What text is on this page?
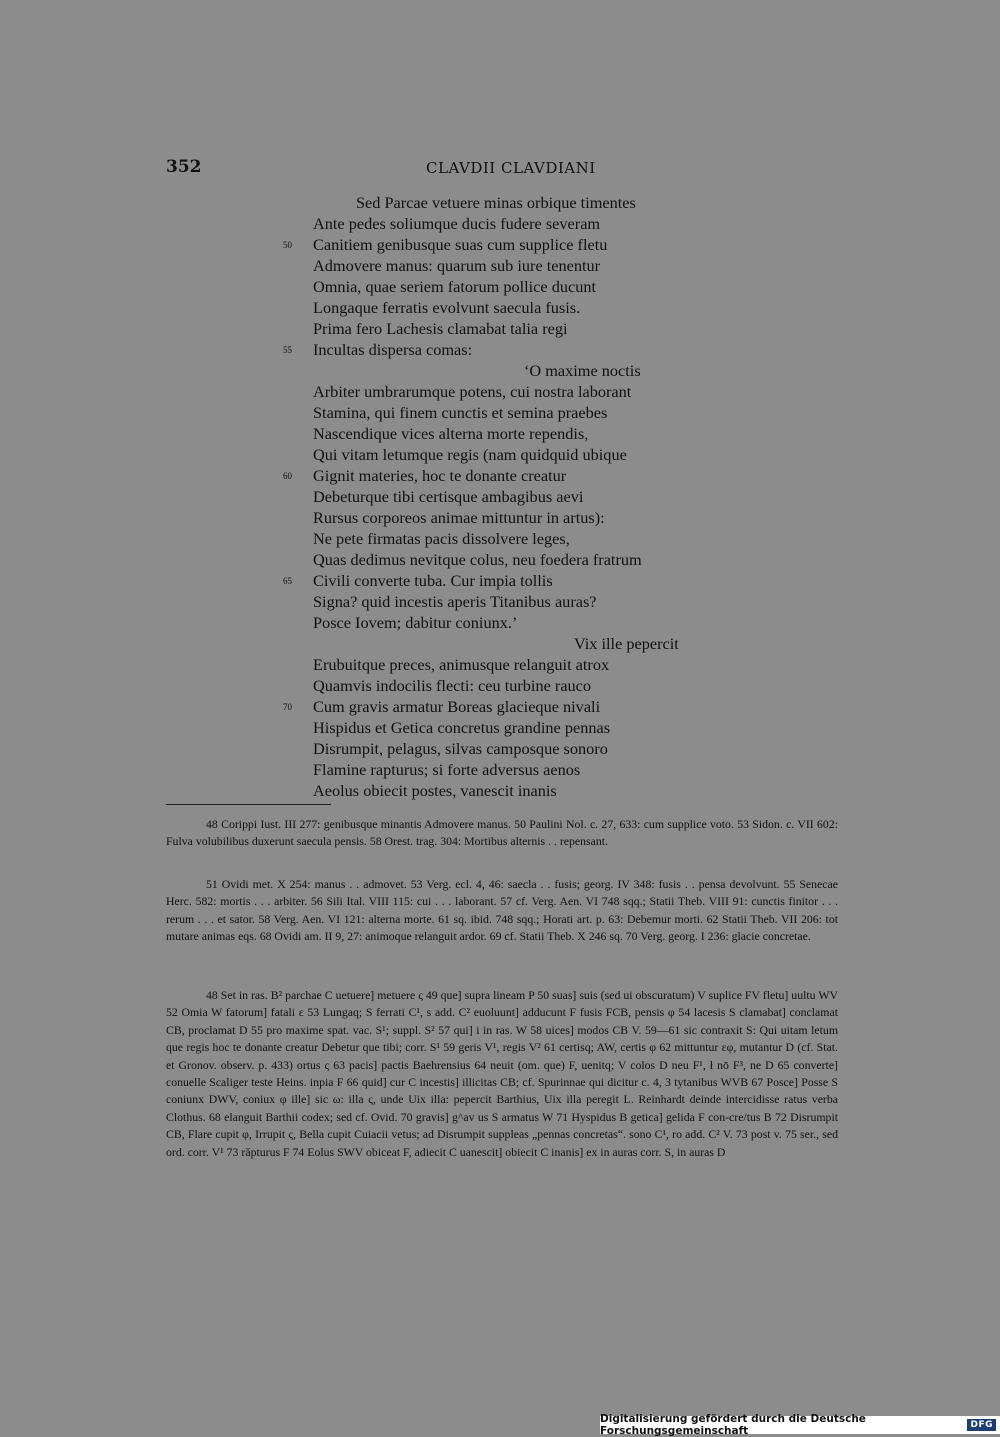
352	CLAVDII CLAVDIANI
Sed Parcae vetuere minas orbique timentes
Ante pedes soliumque ducis fudere severam
50 Canitiem genibusque suas cum supplice fletu
Admovere manus: quarum sub iure tenentur
Omnia, quae seriem fatorum pollice ducunt
Longaque ferratis evolvunt saecula fusis.
Prima fero Lachesis clamabat talia regi
55 Incultas dispersa comas:
‘O maxime noctis
Arbiter umbrarumque potens, cui nostra laborant
Stamina, qui finem cunctis et semina praebes
Nascendique vices alterna morte rependis,
Qui vitam letumque regis (nam quidquid ubique
60 Gignit materies, hoc te donante creatur
Debeturque tibi certisque ambagibus aevi
Rursus corporeos animae mittuntur in artus):
Ne pete firmatas pacis dissolvere leges,
Quas dedimus nevitque colus, neu foedera fratrum
65 Civili converte tuba. Cur impia tollis
Signa? quid incestis aperis Titanibus auras?
Posce Iovem; dabitur coniunx.’
Vix ille pepercit
Erubuitque preces, animusque relanguit atrox
Quamvis indocilis flecti: ceu turbine rauco
70 Cum gravis armatur Boreas glacieque nivali
Hispidus et Getica concretus grandine pennas
Disrumpit, pelagus, silvas camposque sonoro
Flamine rapturus; si forte adversus aenos
Aeolus obiecit postes, vanescit inanis

48 Corippi Iust. III 277: genibusque minantis Admovere manus. 50 Paulini Nol. c. 27, 633: cum supplice voto. 53 Sidon. c. VII 602: Fulva volubilibus duxerunt saecula pensis. 58 Orest. trag. 304: Mortibus alternis . . repensant.

51 Ovidi met. X 254: manus . . admovet. 53 Verg. ecl. 4, 46: saecla . . fusis; georg. IV 348: fusis . . pensa devolvunt. 55 Senecae Herc. 582: mortis . . . arbiter. 56 Sili Ital. VIII 115: cui . . . laborant. 57 cf. Verg. Aen. VI 748 sqq.; Statii Theb. VIII 91: cunctis finitor . . . rerum . . . et sator. 58 Verg. Aen. VI 121: alterna morte. 61 sq. ibid. 748 sqq.; Horati art. p. 63: Debemur morti. 62 Statii Theb. VII 206: tot mutare animas eqs. 68 Ovidi am. II 9, 27: animoque relanguit ardor. 69 cf. Statii Theb. X 246 sq. 70 Verg. georg. I 236: glacie concretae.

48 Set in ras. B² parchae C uetuere] metuere ς 49 que] supra lineam P 50 suas] suis (sed ui obscuratum) V suplice FV fletu] uultu WV 52 Omia W fatorum] fatali ε 53 Lungaq; S ferrati C¹, s add. C² euoluunt] adducunt F fusis FCB, pensis φ 54 lacesis S clamabat] conclamat CB, proclamat D 55 pro maxime spat. vac. S¹; suppl. S² 57 qui] i in ras. W 58 uices] modos CB V. 59—61 sic contraxit S: Qui uitam letum que regis hoc te donante creatur Debetur que tibi; corr. S¹ 59 geris V¹, regis V² 61 certisq; AW, certis φ 62 mittuntur εφ, mutantur D (cf. Stat. et Gronov. observ. p. 433) ortus ς 63 pacis] pactis Baehrensius 64 neuit (om. que) F, uenitq; V colos D neu F¹, ł nō F³, ne D 65 converte] conuelle Scaliger teste Heins. inpia F 66 quid] cur C incestis] illicitas CB; cf. Spurinnae qui dicitur c. 4, 3 tytanibus WVB 67 Posce] Posse S coniunx DWV, coniux φ ille] sic ω: illa ς, unde Uix illa: pepercit Barthius, Uix illa peregit L. Reinhardt deinde intercidisse ratus verba Clothus. 68 elanguit Barthii codex; sed cf. Ovid. 70 gravis] g^av us S armatus W 71 Hyspidus B getica] gelida F con-cre/tus B 72 Disrumpit CB, Flare cupit φ, Irrupit ς, Bella cupit Cuiacii vetus; ad Disrumpit suppleas „pennas concretas“. sono C¹, ro add. C² V. 73 post v. 75 ser., sed ord. corr. V¹ 73 răpturus F 74 Eolus SWV obiceat F, adiecit C uanescit] obiecit C inanis] ex in auras corr. S, in auras D

Digitalisierung gefördert durch die Deutsche Forschungsgemeinschaft	DFG
